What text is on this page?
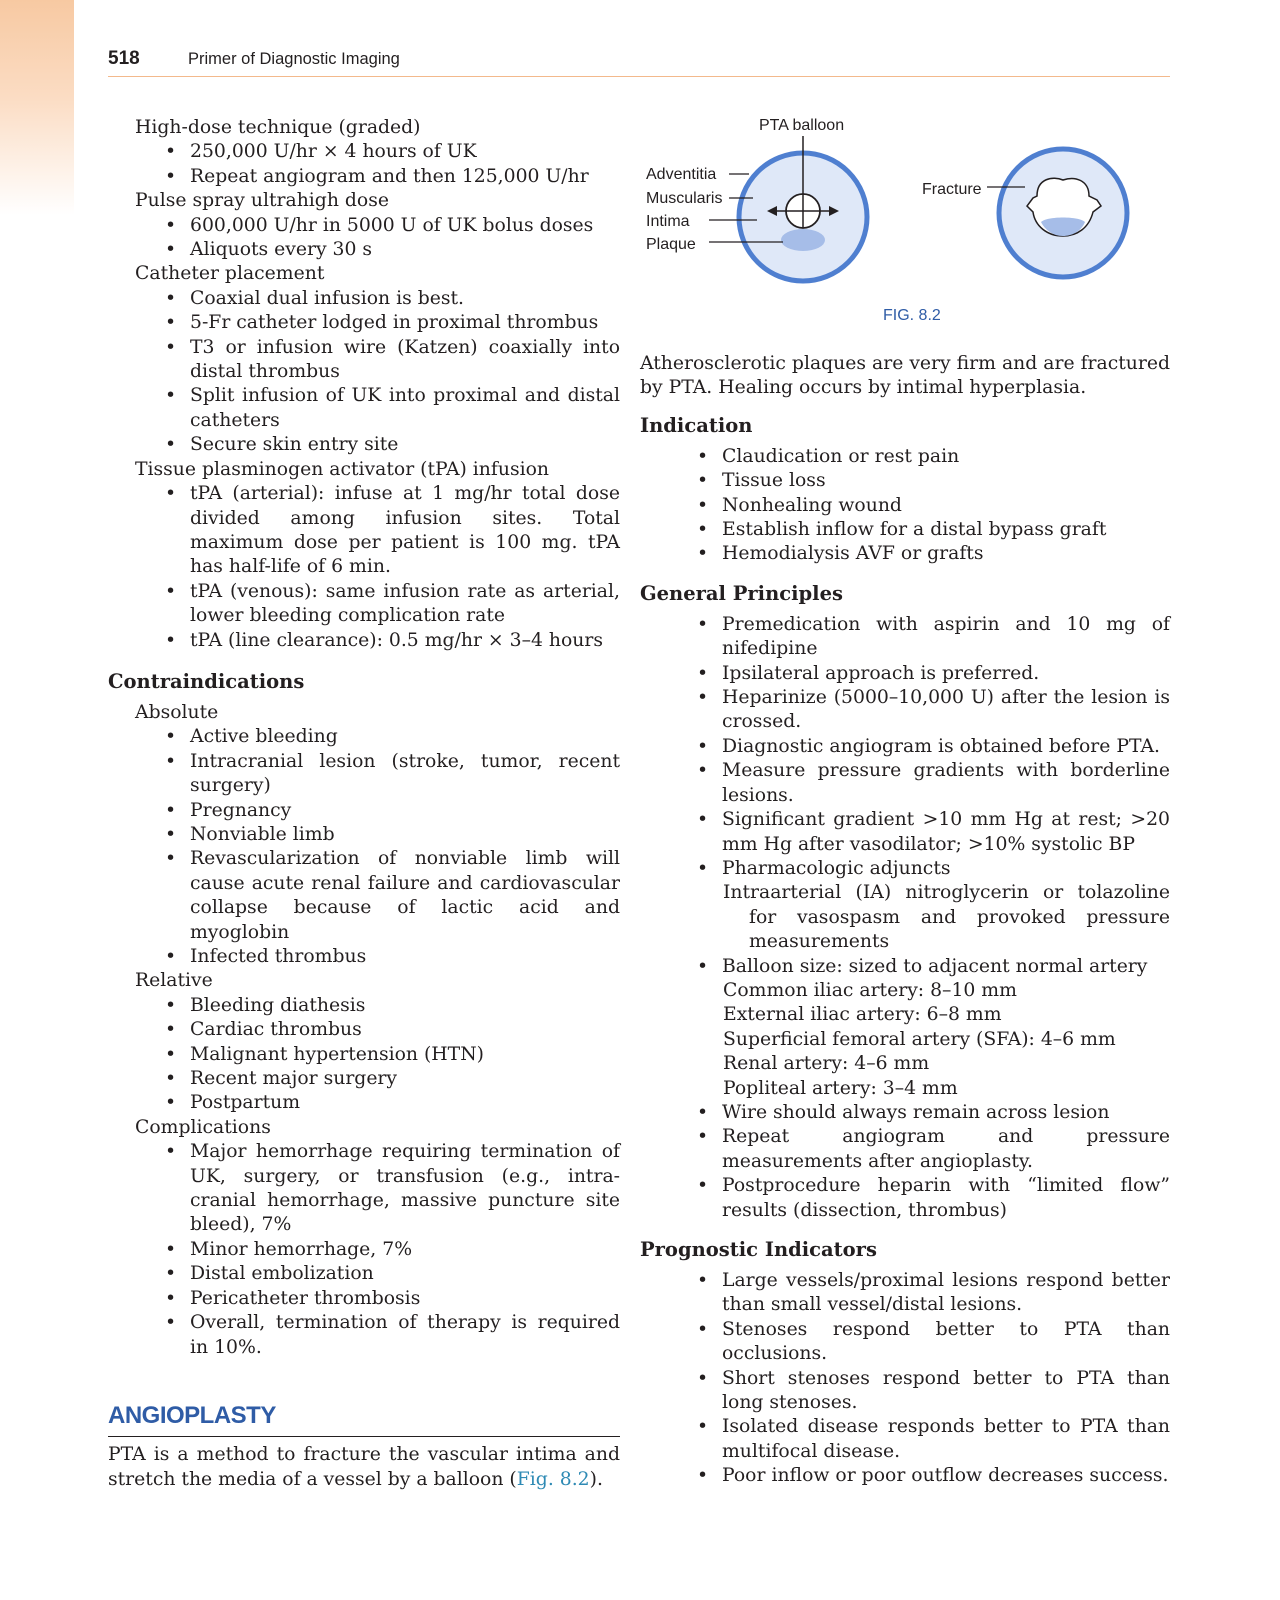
518	Primer of Diagnostic Imaging

High-dose technique (graded)

• 250,000 U/hr × 4 hours of UK
• Repeat angiogram and then 125,000 U/hr

Pulse spray ultrahigh dose

• 600,000 U/hr in 5000 U of UK bolus doses
• Aliquots every 30 s

Catheter placement

• Coaxial dual infusion is best.
• 5-Fr catheter lodged in proximal thrombus
• T3 or infusion wire (Katzen) coaxially into distal thrombus
• Split infusion of UK into proximal and distal catheters
• Secure skin entry site

Tissue plasminogen activator (tPA) infusion

• tPA (arterial): infuse at 1 mg/hr total dose divided among infusion sites. Total maximum dose per patient is 100 mg. tPA has half-life of 6 min.
• tPA (venous): same infusion rate as arterial, lower bleeding complication rate
• tPA (line clearance): 0.5 mg/hr × 3–4 hours
Contraindications

Absolute

• Active bleeding
• Intracranial lesion (stroke, tumor, recent surgery)
• Pregnancy
• Nonviable limb
• Revascularization of nonviable limb will cause acute renal failure and cardiovascular collapse because of lactic acid and myoglobin
• Infected thrombus

Relative

• Bleeding diathesis
• Cardiac thrombus
• Malignant hypertension (HTN)
• Recent major surgery
• Postpartum

Complications

• Major hemorrhage requiring termination of UK, surgery, or transfusion (e.g., intra-cranial hemorrhage, massive puncture site bleed), 7%
• Minor hemorrhage, 7%
• Distal embolization
• Pericatheter thrombosis
• Overall, termination of therapy is required in 10%.
ANGIOPLASTY

PTA is a method to fracture the vascular intima and stretch the media of a vessel by a balloon (Fig. 8.2).

PTA balloon
Adventitia
Muscularis
Intima
Plaque
Fracture
FIG. 8.2

Atherosclerotic plaques are very firm and are fractured by PTA. Healing occurs by intimal hyperplasia.

Indication
• Claudication or rest pain
• Tissue loss
• Nonhealing wound
• Establish inflow for a distal bypass graft
• Hemodialysis AVF or grafts
General Principles
• Premedication with aspirin and 10 mg of nifedipine
• Ipsilateral approach is preferred.
• Heparinize (5000–10,000 U) after the lesion is crossed.
• Diagnostic angiogram is obtained before PTA.
• Measure pressure gradients with borderline lesions.
• Significant gradient >10 mm Hg at rest; >20 mm Hg after vasodilator; >10% systolic BP
• Pharmacologic adjuncts

Intraarterial (IA) nitroglycerin or tolazoline for vasospasm and provoked pressure measurements

• Balloon size: sized to adjacent normal artery

Common iliac artery: 8–10 mm

External iliac artery: 6–8 mm

Superficial femoral artery (SFA): 4–6 mm

Renal artery: 4–6 mm

Popliteal artery: 3–4 mm

• Wire should always remain across lesion
• Repeat angiogram and pressure measurements after angioplasty.
• Postprocedure heparin with “limited flow” results (dissection, thrombus)
Prognostic Indicators
• Large vessels/proximal lesions respond better than small vessel/distal lesions.
• Stenoses respond better to PTA than occlusions.
• Short stenoses respond better to PTA than long stenoses.
• Isolated disease responds better to PTA than multifocal disease.
• Poor inflow or poor outflow decreases success.
